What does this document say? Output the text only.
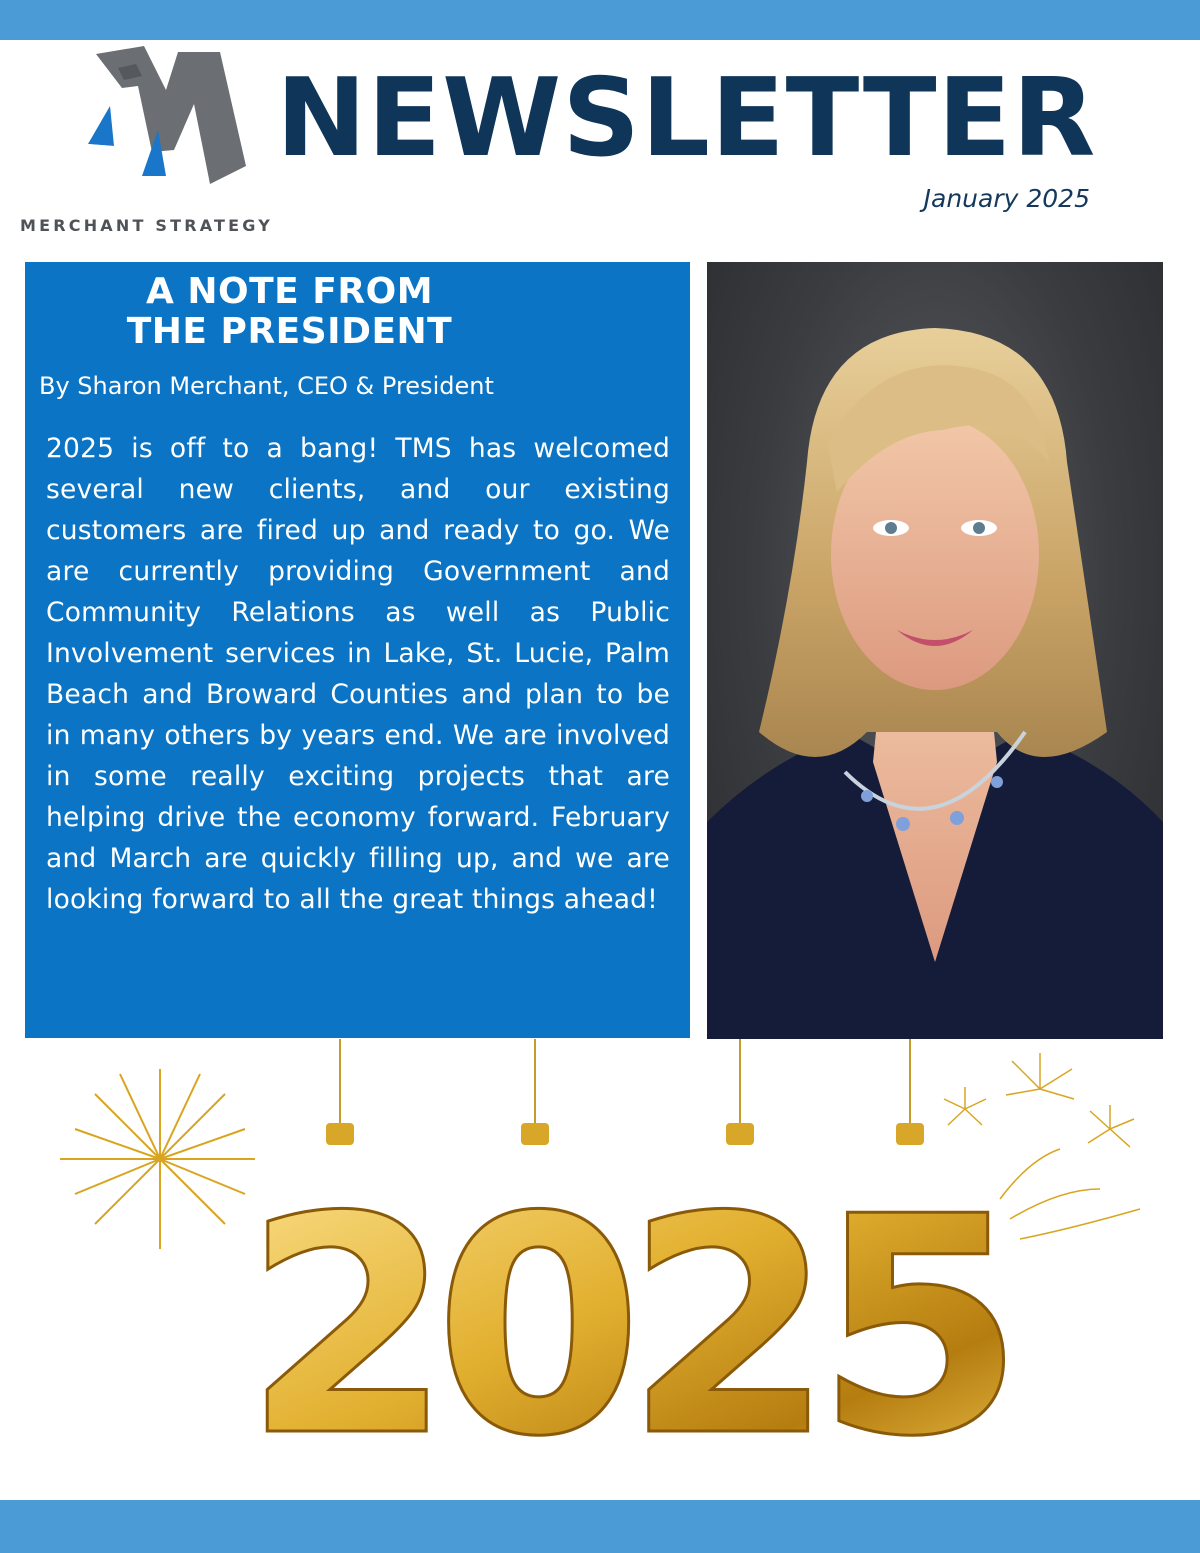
MERCHANT STRATEGY
NEWSLETTER
January 2025
A NOTE FROM
THE PRESIDENT
By Sharon Merchant, CEO & President

2025 is off to a bang! TMS has welcomed several new clients, and our existing customers are fired up and ready to go. We are currently providing Government and Community Relations as well as Public Involvement services in Lake, St. Lucie, Palm Beach and Broward Counties and plan to be in many others by years end. We are involved in some really exciting projects that are helping drive the economy forward. February and March are quickly filling up, and we are looking forward to all the great things ahead!

2025
